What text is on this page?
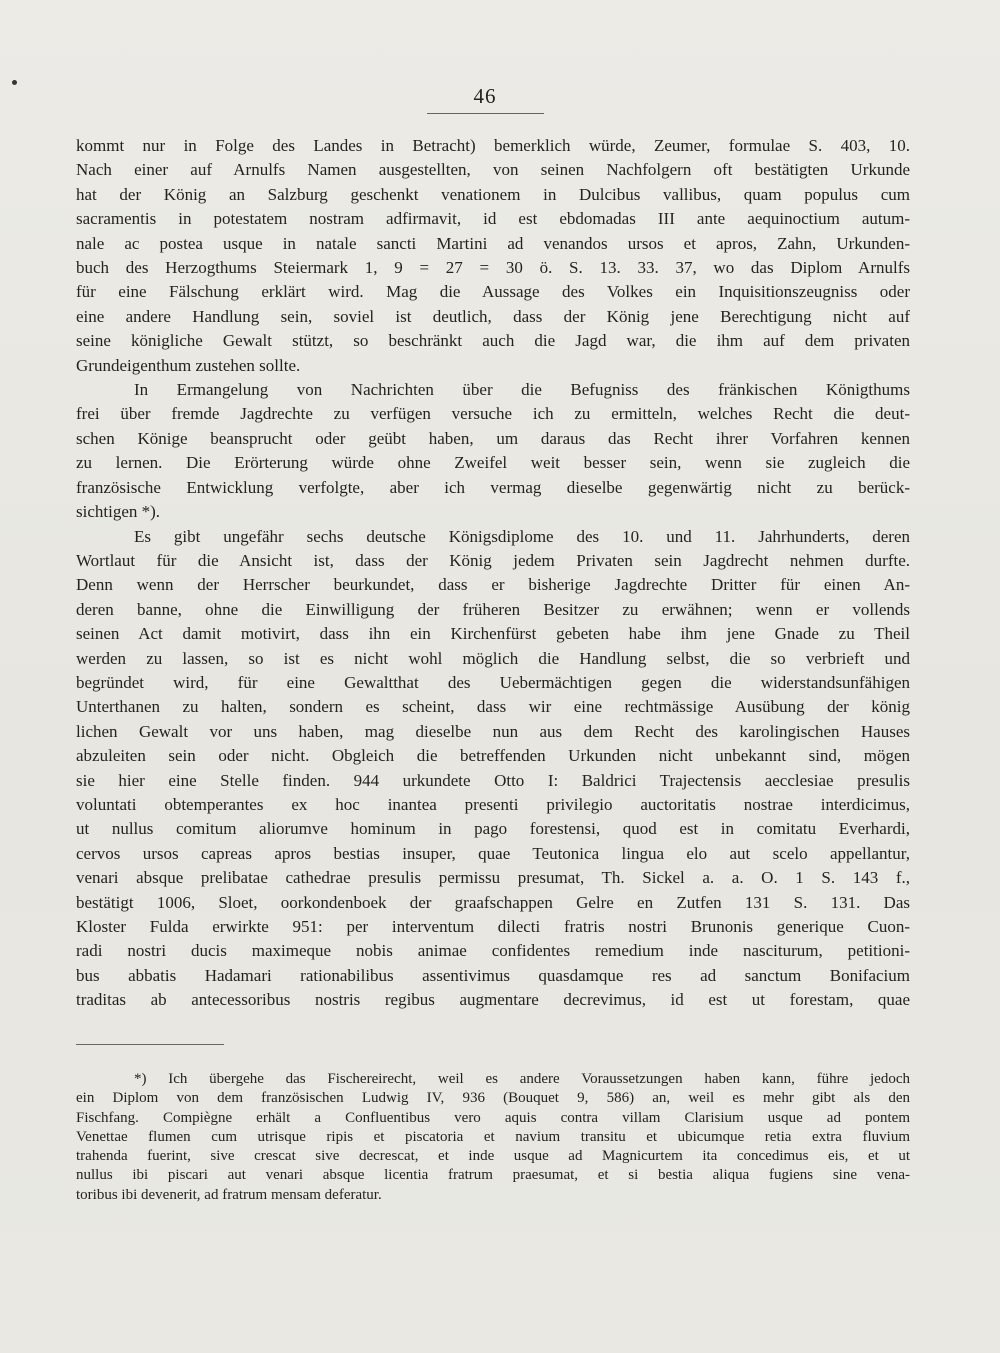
46
kommt nur in Folge des Landes in Betracht) bemerklich würde, Zeumer, formulae S. 403, 10.
Nach einer auf Arnulfs Namen ausgestellten, von seinen Nachfolgern oft bestätigten Urkunde
hat der König an Salzburg geschenkt venationem in Dulcibus vallibus, quam populus cum
sacramentis in potestatem nostram adfirmavit, id est ebdomadas III ante aequinoctium autum-
nale ac postea usque in natale sancti Martini ad venandos ursos et apros, Zahn, Urkunden-
buch des Herzogthums Steiermark 1, 9 = 27 = 30 ö. S. 13. 33. 37, wo das Diplom Arnulfs
für eine Fälschung erklärt wird. Mag die Aussage des Volkes ein Inquisitionszeugniss oder
eine andere Handlung sein, soviel ist deutlich, dass der König jene Berechtigung nicht auf
seine königliche Gewalt stützt, so beschränkt auch die Jagd war, die ihm auf dem privaten
Grundeigenthum zustehen sollte.
In Ermangelung von Nachrichten über die Befugniss des fränkischen Königthums
frei über fremde Jagdrechte zu verfügen versuche ich zu ermitteln, welches Recht die deut-
schen Könige beansprucht oder geübt haben, um daraus das Recht ihrer Vorfahren kennen
zu lernen. Die Erörterung würde ohne Zweifel weit besser sein, wenn sie zugleich die
französische Entwicklung verfolgte, aber ich vermag dieselbe gegenwärtig nicht zu berück-
sichtigen *).
Es gibt ungefähr sechs deutsche Königsdiplome des 10. und 11. Jahrhunderts, deren
Wortlaut für die Ansicht ist, dass der König jedem Privaten sein Jagdrecht nehmen durfte.
Denn wenn der Herrscher beurkundet, dass er bisherige Jagdrechte Dritter für einen An-
deren banne, ohne die Einwilligung der früheren Besitzer zu erwähnen; wenn er vollends
seinen Act damit motivirt, dass ihn ein Kirchenfürst gebeten habe ihm jene Gnade zu Theil
werden zu lassen, so ist es nicht wohl möglich die Handlung selbst, die so verbrieft und
begründet wird, für eine Gewaltthat des Uebermächtigen gegen die widerstandsunfähigen
Unterthanen zu halten, sondern es scheint, dass wir eine rechtmässige Ausübung der könig
lichen Gewalt vor uns haben, mag dieselbe nun aus dem Recht des karolingischen Hauses
abzuleiten sein oder nicht. Obgleich die betreffenden Urkunden nicht unbekannt sind, mögen
sie hier eine Stelle finden. 944 urkundete Otto I: Baldrici Trajectensis aecclesiae presulis
voluntati obtemperantes ex hoc inantea presenti privilegio auctoritatis nostrae interdicimus,
ut nullus comitum aliorumve hominum in pago forestensi, quod est in comitatu Everhardi,
cervos ursos capreas apros bestias insuper, quae Teutonica lingua elo aut scelo appellantur,
venari absque prelibatae cathedrae presulis permissu presumat, Th. Sickel a. a. O. 1 S. 143 f.,
bestätigt 1006, Sloet, oorkondenboek der graafschappen Gelre en Zutfen 131 S. 131. Das
Kloster Fulda erwirkte 951: per interventum dilecti fratris nostri Brunonis generique Cuon-
radi nostri ducis maximeque nobis animae confidentes remedium inde nasciturum, petitioni-
bus abbatis Hadamari rationabilibus assentivimus quasdamque res ad sanctum Bonifacium
traditas ab antecessoribus nostris regibus augmentare decrevimus, id est ut forestam, quae
*) Ich übergehe das Fischereirecht, weil es andere Voraussetzungen haben kann, führe jedoch
ein Diplom von dem französischen Ludwig IV, 936 (Bouquet 9, 586) an, weil es mehr gibt als den
Fischfang. Compiègne erhält a Confluentibus vero aquis contra villam Clarisium usque ad pontem
Venettae flumen cum utrisque ripis et piscatoria et navium transitu et ubicumque retia extra fluvium
trahenda fuerint, sive crescat sive decrescat, et inde usque ad Magnicurtem ita concedimus eis, et ut
nullus ibi piscari aut venari absque licentia fratrum praesumat, et si bestia aliqua fugiens sine vena-
toribus ibi devenerit, ad fratrum mensam deferatur.
